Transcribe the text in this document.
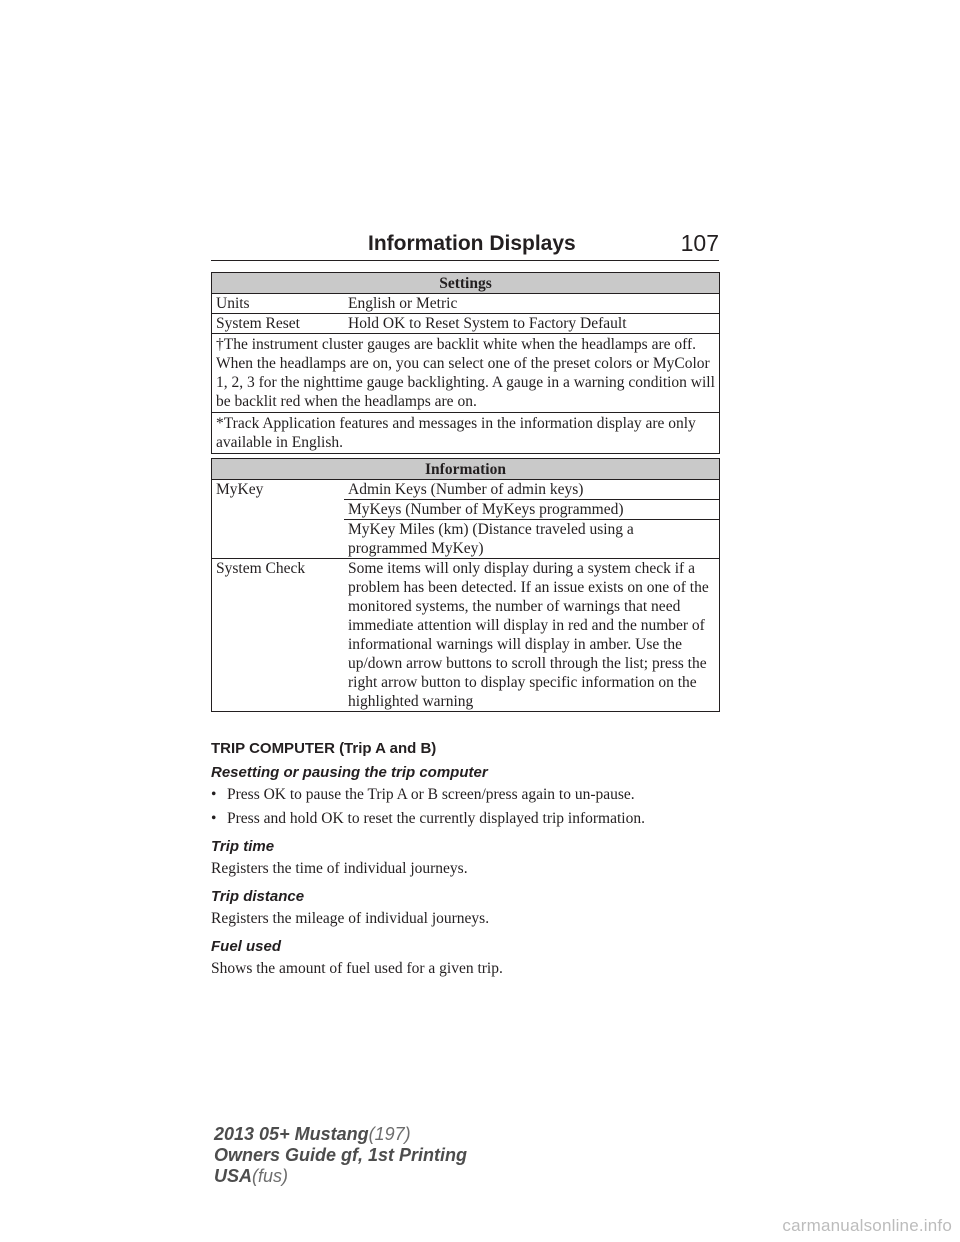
Information Displays	107
Settings	
Units	English or Metric
System Reset	Hold OK to Reset System to Factory Default
†The instrument cluster gauges are backlit white when the headlamps are off. When the headlamps are on, you can select one of the preset colors or MyColor 1, 2, 3 for the nighttime gauge backlighting. A gauge in a warning condition will be backlit red when the headlamps are on.	
*Track Application features and messages in the information display are only available in English.	
Information	
MyKey	Admin Keys (Number of admin keys)
	MyKeys (Number of MyKeys programmed)
	MyKey Miles (km) (Distance traveled using a programmed MyKey)
System Check	Some items will only display during a system check if a problem has been detected. If an issue exists on one of the monitored systems, the number of warnings that need immediate attention will display in red and the number of informational warnings will display in amber. Use the up/down arrow buttons to scroll through the list; press the right arrow button to display specific information on the highlighted warning
TRIP COMPUTER (Trip A and B)
Resetting or pausing the trip computer
• Press OK to pause the Trip A or B screen/press again to un-pause.
• Press and hold OK to reset the currently displayed trip information.
Trip time
Registers the time of individual journeys.
Trip distance
Registers the mileage of individual journeys.
Fuel used
Shows the amount of fuel used for a given trip.
2013 05+ Mustang(197)
Owners Guide gf, 1st Printing
USA(fus)
carmanualsonline.info
